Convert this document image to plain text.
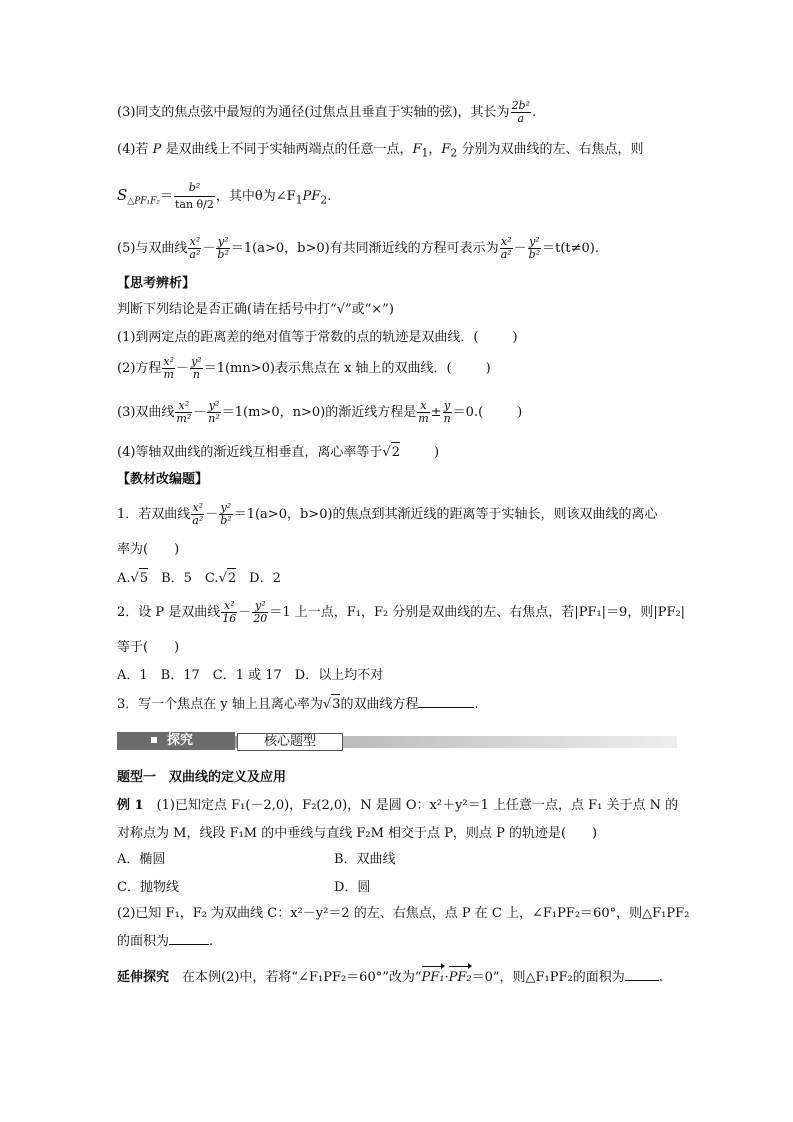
(3)同支的焦点弦中最短的为通径(过焦点且垂直于实轴的弦)，其长为 $\frac{\text{2b²}}{a}$ .
(4)若 P 是双曲线上不同于实轴两端点的任意一点，$F_1$，$F_2$ 分别为双曲线的左、右焦点，则
$S_{\triangle PF_1F_2}= \frac{\text{b²}}{\text{tan θ/2}}$ ，其中θ为$\angle F_1PF_2$.
(5)与双曲线 $\frac{\text{x²}}{\text{a²}} - \frac{\text{y²}}{\text{b²}} =1(a>0$，b>0)有共同渐近线的方程可表示为 $\frac{\text{x²}}{\text{a²}} - \frac{\text{y²}}{\text{b²}} =t(t\ne 0)$.
【思考辨析】
判断下列结论是否正确(请在括号中打“√”或“×”)
(1)到两定点的距离差的绝对值等于常数的点的轨迹是双曲线．(	)
(2)方程 $\frac{\text{x²}}{m} - \frac{\text{y²}}{n} =1(mn>0)$表示焦点在 x 轴上的双曲线．(	)
(3)双曲线 $\frac{\text{x²}}{\text{m²}} - \frac{\text{y²}}{\text{n²}} =1(m>0$，n>0)的渐近线方程是 $\frac{x}{m} \pm \frac{y}{n} =0$.(	)
(4)等轴双曲线的渐近线互相垂直，离心率等于√2	)
【教材改编题】
1．若双曲线 $\frac{\text{x²}}{\text{a²}} - \frac{\text{y²}}{\text{b²}} =1(a>0$，b>0)的焦点到其渐近线的距离等于实轴长，则该双曲线的离心
率为(　　)
A.√5　B．5　C.√2　D．2
2．设 P 是双曲线 $\frac{\text{x²}}{16} - \frac{\text{y²}}{20} =1$ 上一点，F₁，F₂ 分别是双曲线的左、右焦点，若|PF₁|＝9，则|PF₂|
等于(　　)
A．1　B．17　C．1 或 17　D．以上均不对
3．写一个焦点在 y 轴上且离心率为√3的双曲线方程	.
探究	核心题型
题型一　双曲线的定义及应用
例 1　(1)已知定点 F₁(－2,0)，F₂(2,0)，N 是圆 O：x²＋y²＝1 上任意一点，点 F₁ 关于点 N 的
对称点为 M，线段 F₁M 的中垂线与直线 F₂M 相交于点 P，则点 P 的轨迹是(　　)
A．椭圆	B．双曲线
C．抛物线	D．圆
(2)已知 F₁，F₂ 为双曲线 C：x²－y²＝2 的左、右焦点，点 P 在 C 上，∠F₁PF₂＝60°，则△F₁PF₂
的面积为	.
延伸探究　在本例(2)中，若将“∠F₁PF₂＝60°”改为“PF₁·PF₂＝0”，则△F₁PF₂的面积为	.
